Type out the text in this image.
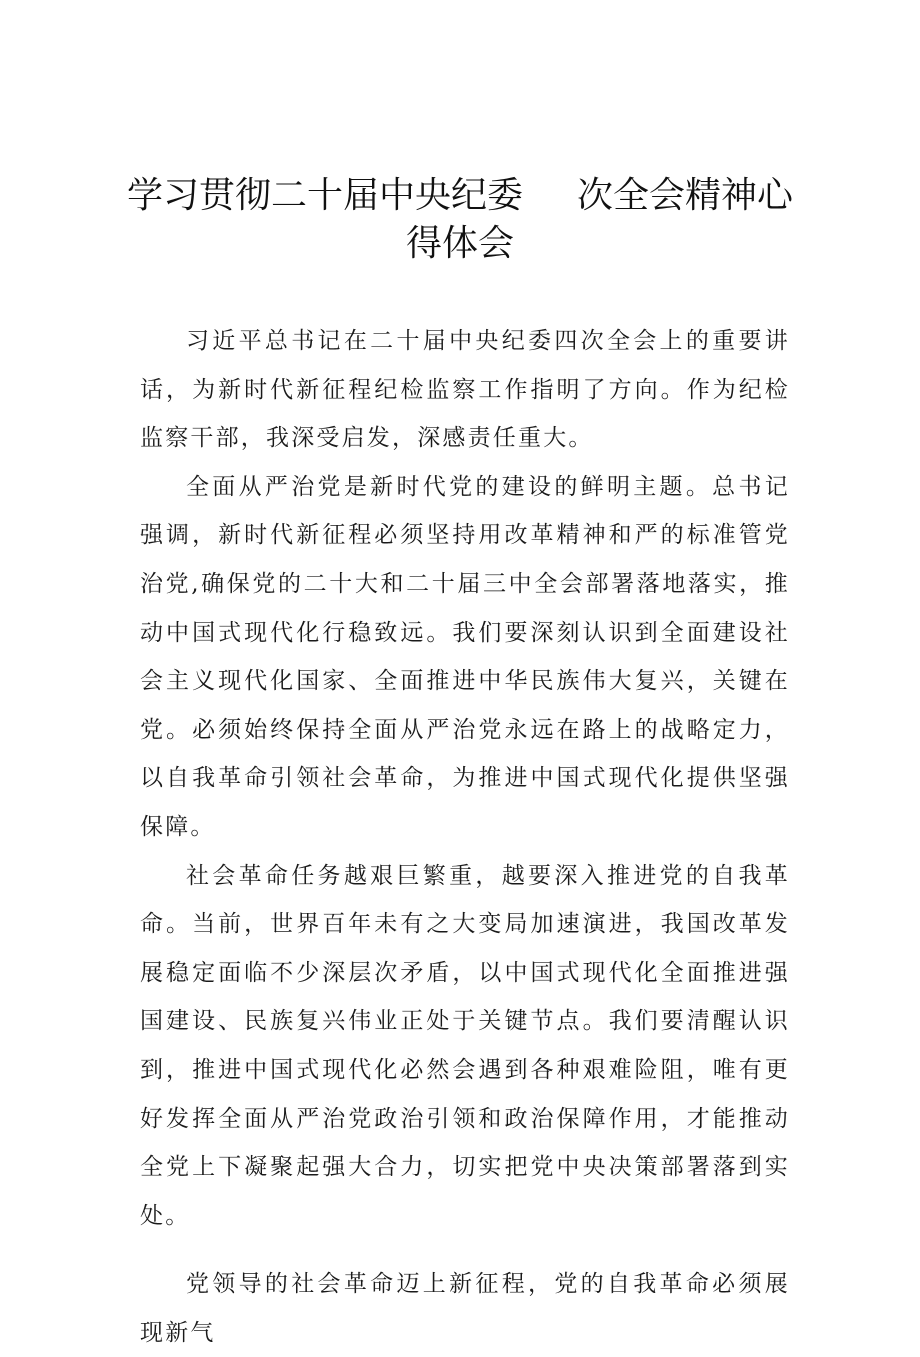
学习贯彻二十届中央纪委 次全会精神心
得体会

习近平总书记在二十届中央纪委四次全会上的重要讲话，为新时代新征程纪检监察工作指明了方向。作为纪检监察干部，我深受启发，深感责任重大。

全面从严治党是新时代党的建设的鲜明主题。总书记强调，新时代新征程必须坚持用改革精神和严的标准管党治党,确保党的二十大和二十届三中全会部署落地落实，推动中国式现代化行稳致远。我们要深刻认识到全面建设社会主义现代化国家、全面推进中华民族伟大复兴，关键在党。必须始终保持全面从严治党永远在路上的战略定力，以自我革命引领社会革命，为推进中国式现代化提供坚强保障。

社会革命任务越艰巨繁重，越要深入推进党的自我革命。当前，世界百年未有之大变局加速演进，我国改革发展稳定面临不少深层次矛盾，以中国式现代化全面推进强国建设、民族复兴伟业正处于关键节点。我们要清醒认识到，推进中国式现代化必然会遇到各种艰难险阻，唯有更好发挥全面从严治党政治引领和政治保障作用，才能推动全党上下凝聚起强大合力，切实把党中央决策部署落到实处。

党领导的社会革命迈上新征程，党的自我革命必须展现新气
